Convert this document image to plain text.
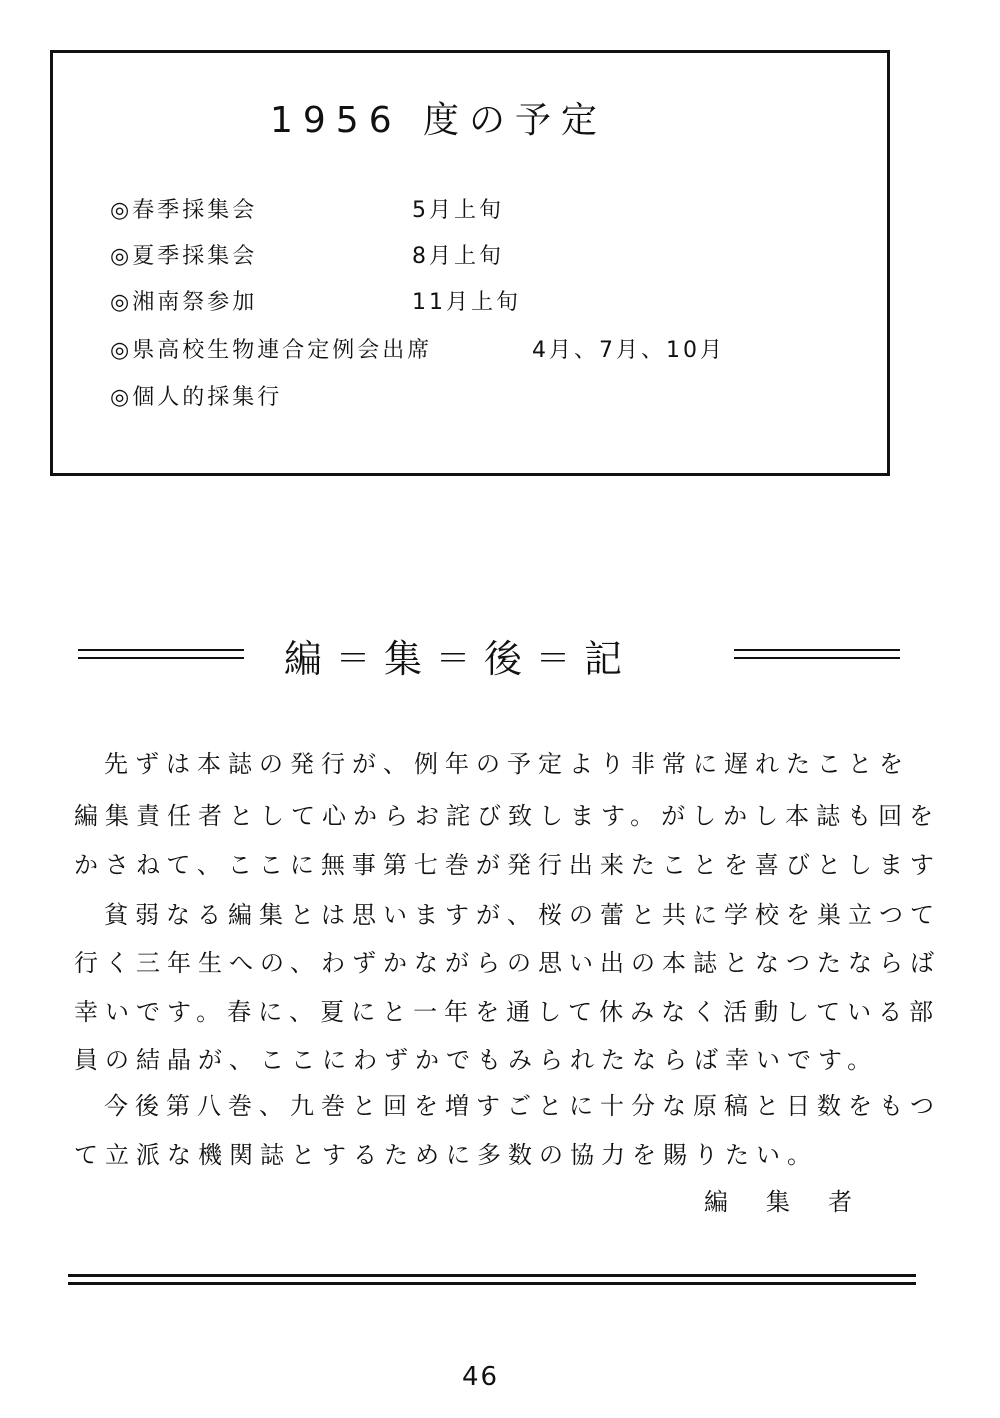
1956 度の予定
◎春季採集会	5月上旬
◎夏季採集会	8月上旬
◎湘南祭参加	11月上旬
◎県高校生物連合定例会出席	4月、7月、10月
◎個人的採集行
編 ＝ 集 ＝ 後 ＝ 記
先ずは本誌の発行が、例年の予定より非常に遅れたことを
編集責任者として心からお詫び致します。がしかし本誌も回を
かさねて、ここに無事第七巻が発行出来たことを喜びとします
貧弱なる編集とは思いますが、桜の蕾と共に学校を巣立つて
行く三年生への、わずかながらの思い出の本誌となつたならば
幸いです。春に、夏にと一年を通して休みなく活動している部
員の結晶が、ここにわずかでもみられたならば幸いです。
今後第八巻、九巻と回を増すごとに十分な原稿と日数をもつ
て立派な機関誌とするために多数の協力を賜りたい。
編集者
46
